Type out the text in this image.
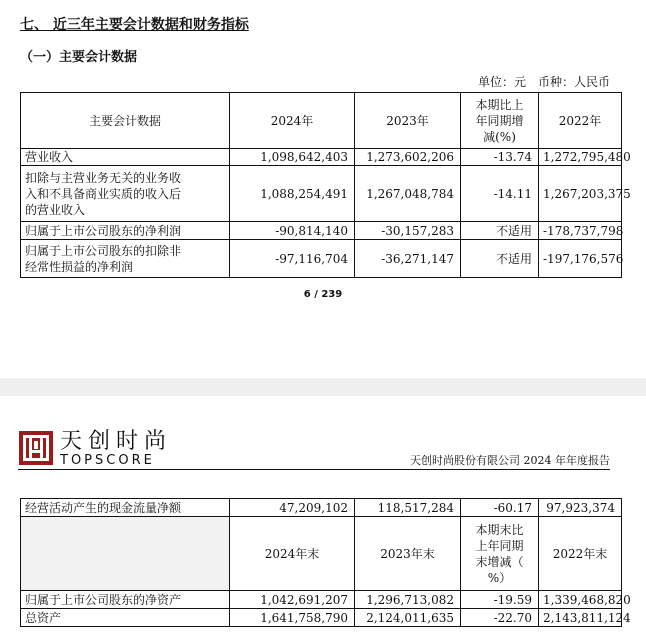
七、 近三年主要会计数据和财务指标
（一）主要会计数据
单位：元　币种：人民币
主要会计数据	2024年	2023年	本期比上
年同期增
减(%)	2022年
营业收入	1,098,642,403	1,273,602,206	-13.74	1,272,795,480

扣除与主营业务无关的业务收
入和不具备商业实质的收入后
的营业收入	1,088,254,491	1,267,048,784	-14.11	1,267,203,375
归属于上市公司股东的净利润	-90,814,140	-30,157,283	不适用	-178,737,798

归属于上市公司股东的扣除非
经常性损益的净利润	-97,116,704	-36,271,147	不适用	-197,176,576
6 / 239
天创时尚
TOPSCORE	天创时尚股份有限公司 2024 年年度报告
经营活动产生的现金流量净额	47,209,102	118,517,284	-60.17	97,923,374
	2024年末	2023年末	本期末比
上年同期
末增减（
%）	2022年末
归属于上市公司股东的净资产	1,042,691,207	1,296,713,082	-19.59	1,339,468,820
总资产	1,641,758,790	2,124,011,635	-22.70	2,143,811,124
